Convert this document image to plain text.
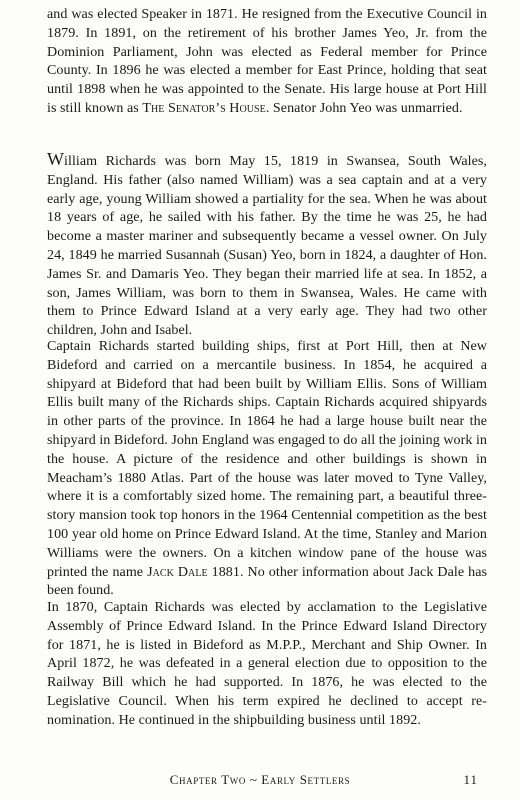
and was elected Speaker in 1871. He resigned from the Executive Council in 1879. In 1891, on the retirement of his brother James Yeo, Jr. from the Dominion Parliament, John was elected as Federal member for Prince County. In 1896 he was elected a member for East Prince, holding that seat until 1898 when he was appointed to the Senate. His large house at Port Hill is still known as The Senator’s House. Senator John Yeo was unmarried.

William Richards was born May 15, 1819 in Swansea, South Wales, England. His father (also named William) was a sea captain and at a very early age, young William showed a partiality for the sea. When he was about 18 years of age, he sailed with his father. By the time he was 25, he had become a master mariner and subsequently became a vessel owner. On July 24, 1849 he married Susannah (Susan) Yeo, born in 1824, a daughter of Hon. James Sr. and Damaris Yeo. They began their married life at sea. In 1852, a son, James William, was born to them in Swansea, Wales. He came with them to Prince Edward Island at a very early age. They had two other children, John and Isabel.

Captain Richards started building ships, first at Port Hill, then at New Bideford and carried on a mercantile business. In 1854, he acquired a shipyard at Bideford that had been built by William Ellis. Sons of William Ellis built many of the Richards ships. Captain Richards acquired shipyards in other parts of the province. In 1864 he had a large house built near the shipyard in Bideford. John England was engaged to do all the joining work in the house. A picture of the residence and other buildings is shown in Meacham’s 1880 Atlas. Part of the house was later moved to Tyne Valley, where it is a comfortably sized home. The remaining part, a beautiful three-story mansion took top honors in the 1964 Centennial competition as the best 100 year old home on Prince Edward Island. At the time, Stanley and Marion Williams were the owners. On a kitchen window pane of the house was printed the name Jack Dale 1881. No other information about Jack Dale has been found.

In 1870, Captain Richards was elected by acclamation to the Legislative Assembly of Prince Edward Island. In the Prince Edward Island Directory for 1871, he is listed in Bideford as M.P.P., Merchant and Ship Owner. In April 1872, he was defeated in a general election due to opposition to the Railway Bill which he had supported. In 1876, he was elected to the Legislative Council. When his term expired he declined to accept re-nomination. He continued in the shipbuilding business until 1892.

Chapter Two ~ Early Settlers	11
